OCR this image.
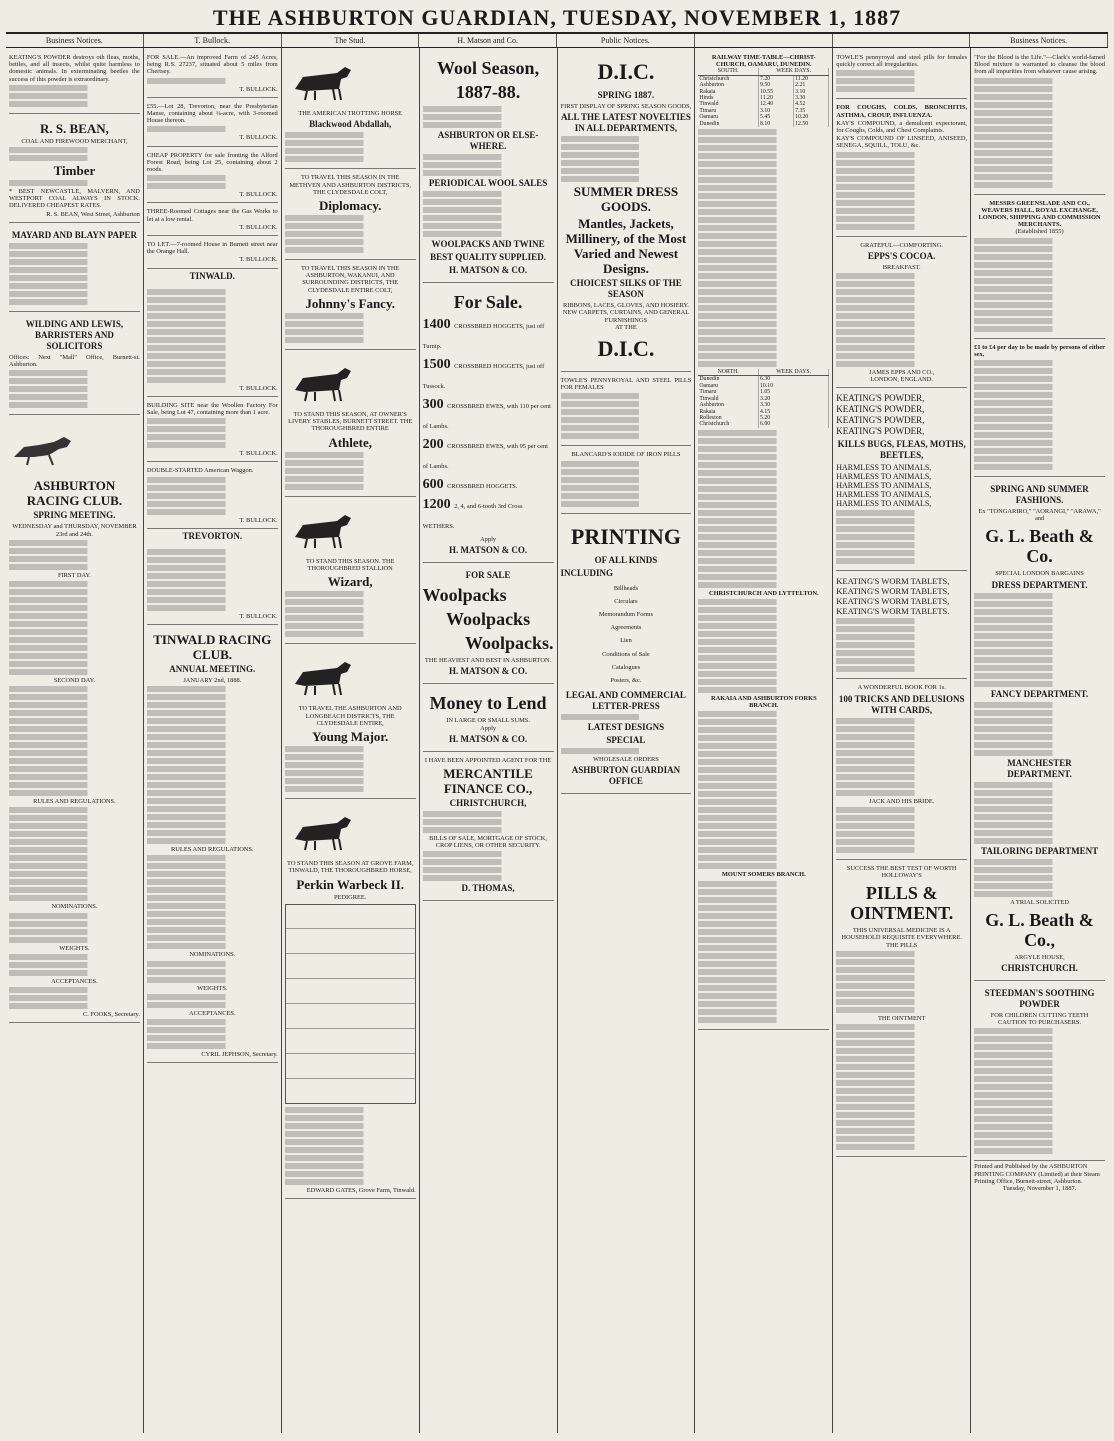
THE ASHBURTON GUARDIAN, TUESDAY, NOVEMBER 1, 1887
Business Notices.	T. Bullock.	The Stud.	H. Matson and Co.	Public Notices.	Business Notices.

KEATING'S POWDER destroys oth fleas, moths, bettles, and all insects, whilst quite harmless to domestic animals. In exterminating beetles the success of this powder is extraordinary.

R. S. BEAN,
COAL AND FIREWOOD MERCHANT,
Timber

* BEST NEWCASTLE, MALVERN, AND WESTPORT COAL ALWAYS IN STOCK. DELIVERED CHEAPEST RATES.

R. S. BEAN, West Street, Ashburton
MAYARD AND BLAYN PAPER
WILDING AND LEWIS, BARRISTERS AND SOLICITORS

Offices: Next "Mall" Office, Burnett-st. Ashburton.

ASHBURTON RACING CLUB.
SPRING MEETING.
WEDNESDAY and THURSDAY, NOVEMBER 23rd and 24th.
FIRST DAY.
SECOND DAY.
RULES AND REGULATIONS.
NOMINATIONS.
WEIGHTS.
ACCEPTANCES.
C. FOOKS, Secretary.

FOR SALE.—An improved Farm of 245 Acres, being R.S. 27237, situated about 5 miles from Chertsey.

T. BULLOCK.

£55.—Lot 28, Trevorton, near the Presbyterian Manse, containing about ¼-acre, with 3-roomed House thereon.

T. BULLOCK.

CHEAP PROPERTY for sale fronting the Alford Forest Road, being Lot 25, containing about 2 roods.

T. BULLOCK.

THREE-Roomed Cottages near the Gas Works to let at a low rental.

T. BULLOCK.

TO LET.—7-roomed House in Burnett street near the Orange Hall.

T. BULLOCK.
TINWALD.
T. BULLOCK.

BUILDING SITE near the Woollen Factory For Sale, being Lot 47, containing more than 1 acre.

T. BULLOCK.

DOUBLE-STARTED American Waggon.

T. BULLOCK.
TREVORTON.
T. BULLOCK.
TINWALD RACING CLUB.
ANNUAL MEETING.
JANUARY 2nd, 1888.
RULES AND REGULATIONS.
NOMINATIONS.
WEIGHTS.
ACCEPTANCES.
CYRIL JEPHSON, Secretary.
THE AMERICAN TROTTING HORSE
Blackwood Abdallah,
TO TRAVEL THIS SEASON IN THE METHVEN AND ASHBURTON DISTRICTS, THE CLYDESDALE COLT,
Diplomacy.
TO TRAVEL THIS SEASON IN THE ASHBURTON, WAKANUI, AND SURROUNDING DISTRICTS, THE CLYDESDALE ENTIRE COLT,
Johnny's Fancy.
TO STAND THIS SEASON, AT OWNER'S LIVERY STABLES, BURNETT STREET. THE THOROUGHBRED ENTIRE
Athlete,
TO STAND THIS SEASON. THE THOROUGHBRED STALLION
Wizard,
TO TRAVEL THE ASHBURTON AND LONGBEACH DISTRICTS, THE CLYDESDALE ENTIRE,
Young Major.
TO STAND THIS SEASON AT GROVE FARM, TINWALD, THE THOROUGHBRED HORSE,
Perkin Warbeck II.
PEDIGREE.
EDWARD GATES, Grove Farm, Tinwald.
Wool Season,
1887-88.
ASHBURTON OR ELSE-WHERE.
PERIODICAL WOOL SALES
WOOLPACKS AND TWINE
BEST QUALITY SUPPLIED.
H. MATSON & CO.
For Sale.
1400 CROSSBRED HOGGETS, just off Turnip.
1500 CROSSBRED HOGGETS, just off Tussock.
300 CROSSBRED EWES, with 110 per cent of Lambs.
200 CROSSBRED EWES, with 95 per cent of Lambs.
600 CROSSBRED HOGGETS.
1200 2, 4, and 6-tooth 3rd Cross WETHERS.
Apply
H. MATSON & CO.
FOR SALE
Woolpacks
Woolpacks
Woolpacks.
THE HEAVIEST AND BEST IN ASHBURTON.
H. MATSON & CO.
Money to Lend
IN LARGE OR SMALL SUMS.
Apply
H. MATSON & CO.
I HAVE BEEN APPOINTED AGENT FOR THE
MERCANTILE FINANCE CO.,
CHRISTCHURCH,
BILLS OF SALE, MORTGAGE OF STOCK, CROP LIENS, OR OTHER SECURITY.
D. THOMAS,
D.I.C.
SPRING 1887.
FIRST DISPLAY OF SPRING SEASON GOODS,
ALL THE LATEST NOVELTIES IN ALL DEPARTMENTS,
SUMMER DRESS GOODS.
Mantles, Jackets, Millinery, of the Most Varied and Newest Designs.
CHOICEST SILKS OF THE SEASON
RIBBONS, LACES, GLOVES, AND HOSIERY.
NEW CARPETS, CURTAINS, AND GENERAL FURNISHINGS
AT THE
D.I.C.

TOWLE'S PENNYROYAL AND STEEL PILLS FOR FEMALES

BLANCARD'S IODIDE OF IRON PILLS
PRINTING
OF ALL KINDS
INCLUDING
Billheads
Circulars
Memorandum Forms
Agreements
Lien
Conditions of Sale
Catalogues
Posters, &c.
LEGAL AND COMMERCIAL LETTER-PRESS
LATEST DESIGNS
SPECIAL
WHOLESALE ORDERS
ASHBURTON GUARDIAN OFFICE
RAILWAY TIME-TABLE—CHRIST-CHURCH, OAMARU, DUNEDIN.
SOUTH.	WEEK DAYS.	
Christchurch	7.20	11.20
Ashburton	9.50	2.21
Rakaia	10.55	3.10
Hinds	11.20	3.30
Tinwald	12.40	4.52
Timaru	3.10	7.35
Oamaru	5.45	10.20
Dunedin	8.10	12.50
NORTH.	WEEK DAYS.
Dunedin	6.30
Oamaru	10.10
Timaru	1.05
Tinwald	3.20
Ashburton	3.30
Rakaia	4.15
Rolleston	5.20
Christchurch	6.00
CHRISTCHURCH AND LYTTELTON.
RAKAIA AND ASHBURTON FORKS BRANCH.
MOUNT SOMERS BRANCH.

TOWLE'S pennyroyal and steel pills for females quickly correct all irregularities.

FOR COUGHS, COLDS, BRONCHITIS, ASTHMA, CROUP, INFLUENZA.

KAY'S COMPOUND, a demulcent expectorant, for Coughs, Colds, and Chest Complaints.

KAY'S COMPOUND OF LINSEED, ANISEED, SENEGA, SQUILL, TOLU, &c.

GRATEFUL—COMFORTING.
EPPS'S COCOA.
BREAKFAST.
JAMES EPPS AND CO.,
LONDON, ENGLAND.
KEATING'S POWDER,
KEATING'S POWDER,
KEATING'S POWDER,
KEATING'S POWDER,
KILLS BUGS, FLEAS, MOTHS, BEETLES,
HARMLESS TO ANIMALS,
HARMLESS TO ANIMALS,
HARMLESS TO ANIMALS,
HARMLESS TO ANIMALS,
HARMLESS TO ANIMALS,
KEATING'S WORM TABLETS,
KEATING'S WORM TABLETS,
KEATING'S WORM TABLETS,
KEATING'S WORM TABLETS.
A WONDERFUL BOOK FOR 1s.
100 TRICKS AND DELUSIONS WITH CARDS,
JACK AND HIS BRIDE.
SUCCESS THE BEST TEST OF WORTH
HOLLOWAY'S
PILLS & OINTMENT.
THIS UNIVERSAL MEDICINE IS A HOUSEHOLD REQUISITE EVERYWHERE.
THE PILLS
THE OINTMENT

"For the Blood is the Life."—Clark's world-famed Blood mixture is warranted to cleanse the blood from all impurities from whatever cause arising.

MESSRS GREENSLADE AND CO., WEAVERS HALL, ROYAL EXCHANGE, LONDON, SHIPPING AND COMMISSION MERCHANTS.
(Established 1855)

£1 to £4 per day to be made by persons of either sex,

SPRING AND SUMMER FASHIONS.
Ex "TONGARIRO," "AORANGI," "ARAWA," and
G. L. Beath & Co.
SPECIAL LONDON BARGAINS
DRESS DEPARTMENT.
FANCY DEPARTMENT.
MANCHESTER DEPARTMENT.
TAILORING DEPARTMENT
A TRIAL SOLICITED
G. L. Beath & Co.,
ARGYLE HOUSE,
CHRISTCHURCH.
STEEDMAN'S SOOTHING POWDER
FOR CHILDREN CUTTING TEETH
CAUTION TO PURCHASERS.

Printed and Published by the ASHBURTON PRINTING COMPANY (Limited) at their Steam Printing Office, Burnett-street, Ashburton.

Tuesday, November 1, 1887.
